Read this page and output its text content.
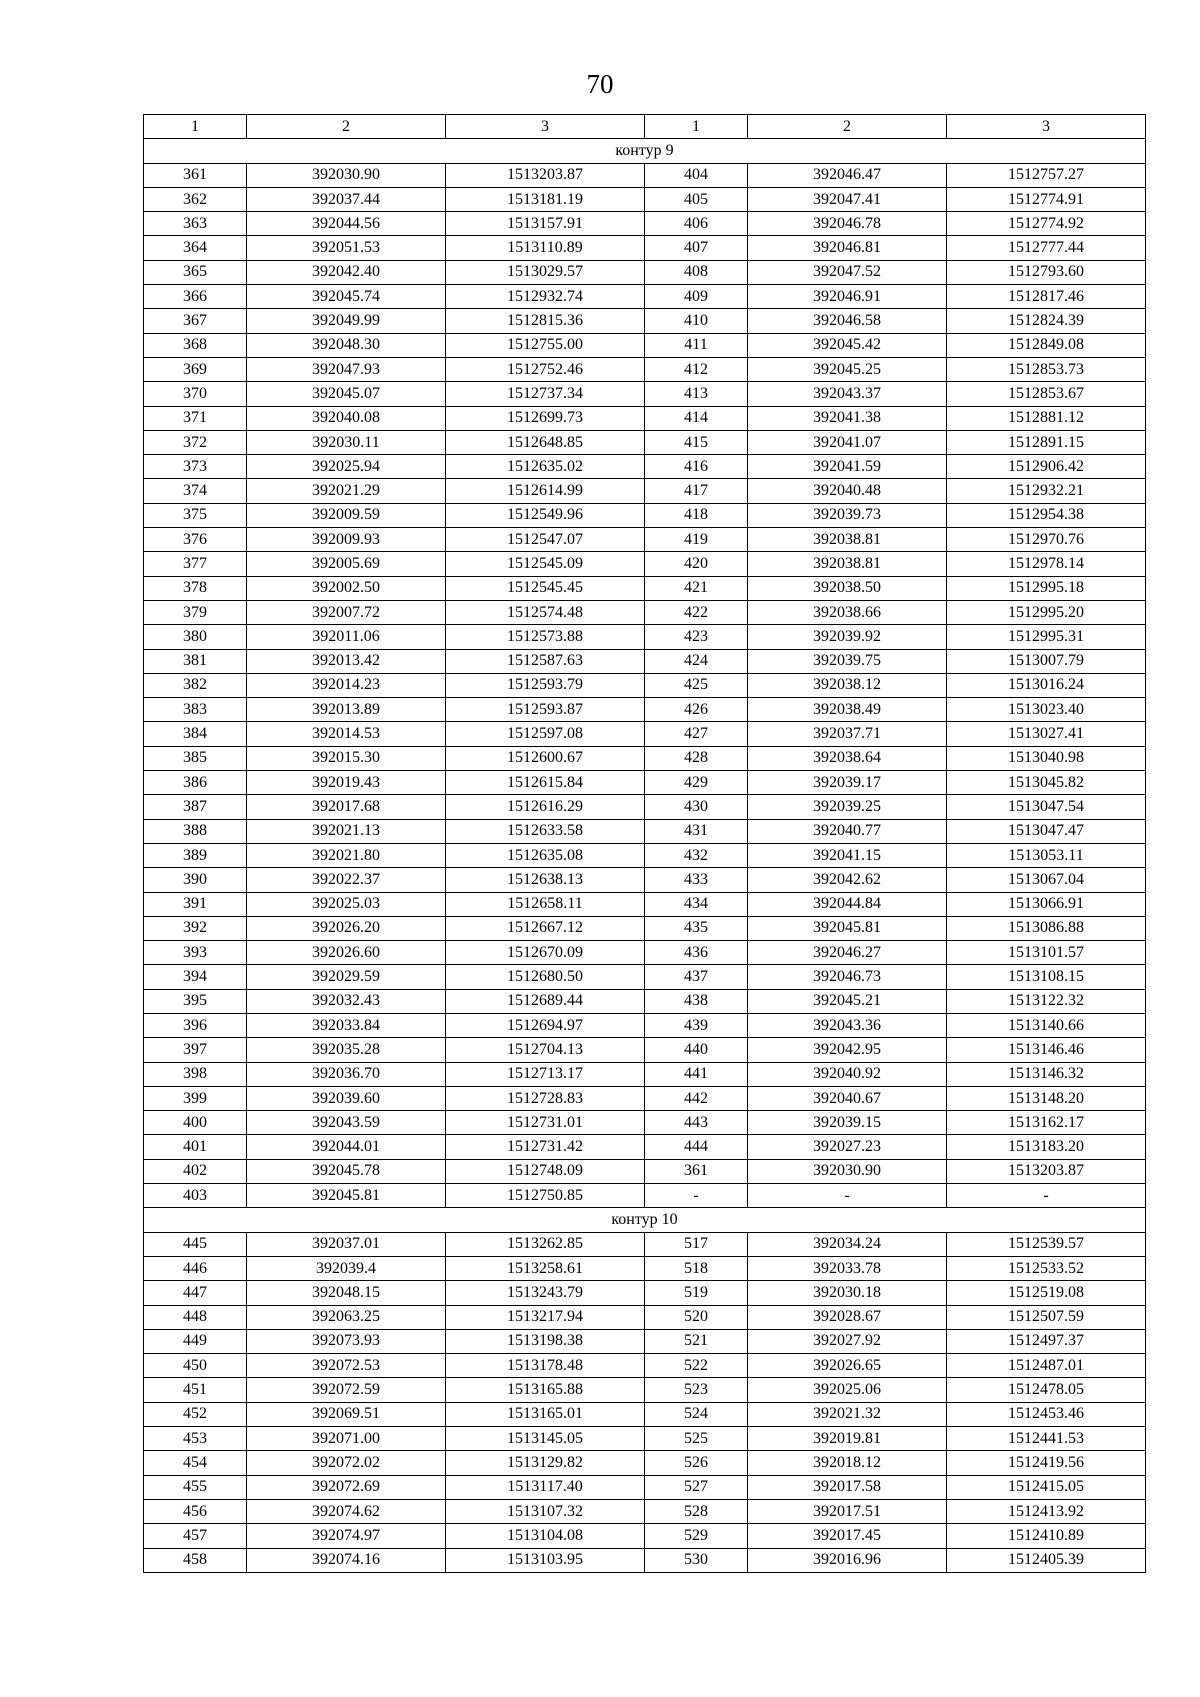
70
1	2	3	1	2	3
контур 9					
361	392030.90	1513203.87	404	392046.47	1512757.27
362	392037.44	1513181.19	405	392047.41	1512774.91
363	392044.56	1513157.91	406	392046.78	1512774.92
364	392051.53	1513110.89	407	392046.81	1512777.44
365	392042.40	1513029.57	408	392047.52	1512793.60
366	392045.74	1512932.74	409	392046.91	1512817.46
367	392049.99	1512815.36	410	392046.58	1512824.39
368	392048.30	1512755.00	411	392045.42	1512849.08
369	392047.93	1512752.46	412	392045.25	1512853.73
370	392045.07	1512737.34	413	392043.37	1512853.67
371	392040.08	1512699.73	414	392041.38	1512881.12
372	392030.11	1512648.85	415	392041.07	1512891.15
373	392025.94	1512635.02	416	392041.59	1512906.42
374	392021.29	1512614.99	417	392040.48	1512932.21
375	392009.59	1512549.96	418	392039.73	1512954.38
376	392009.93	1512547.07	419	392038.81	1512970.76
377	392005.69	1512545.09	420	392038.81	1512978.14
378	392002.50	1512545.45	421	392038.50	1512995.18
379	392007.72	1512574.48	422	392038.66	1512995.20
380	392011.06	1512573.88	423	392039.92	1512995.31
381	392013.42	1512587.63	424	392039.75	1513007.79
382	392014.23	1512593.79	425	392038.12	1513016.24
383	392013.89	1512593.87	426	392038.49	1513023.40
384	392014.53	1512597.08	427	392037.71	1513027.41
385	392015.30	1512600.67	428	392038.64	1513040.98
386	392019.43	1512615.84	429	392039.17	1513045.82
387	392017.68	1512616.29	430	392039.25	1513047.54
388	392021.13	1512633.58	431	392040.77	1513047.47
389	392021.80	1512635.08	432	392041.15	1513053.11
390	392022.37	1512638.13	433	392042.62	1513067.04
391	392025.03	1512658.11	434	392044.84	1513066.91
392	392026.20	1512667.12	435	392045.81	1513086.88
393	392026.60	1512670.09	436	392046.27	1513101.57
394	392029.59	1512680.50	437	392046.73	1513108.15
395	392032.43	1512689.44	438	392045.21	1513122.32
396	392033.84	1512694.97	439	392043.36	1513140.66
397	392035.28	1512704.13	440	392042.95	1513146.46
398	392036.70	1512713.17	441	392040.92	1513146.32
399	392039.60	1512728.83	442	392040.67	1513148.20
400	392043.59	1512731.01	443	392039.15	1513162.17
401	392044.01	1512731.42	444	392027.23	1513183.20
402	392045.78	1512748.09	361	392030.90	1513203.87
403	392045.81	1512750.85	-	-	-
контур 10					
445	392037.01	1513262.85	517	392034.24	1512539.57
446	392039.4	1513258.61	518	392033.78	1512533.52
447	392048.15	1513243.79	519	392030.18	1512519.08
448	392063.25	1513217.94	520	392028.67	1512507.59
449	392073.93	1513198.38	521	392027.92	1512497.37
450	392072.53	1513178.48	522	392026.65	1512487.01
451	392072.59	1513165.88	523	392025.06	1512478.05
452	392069.51	1513165.01	524	392021.32	1512453.46
453	392071.00	1513145.05	525	392019.81	1512441.53
454	392072.02	1513129.82	526	392018.12	1512419.56
455	392072.69	1513117.40	527	392017.58	1512415.05
456	392074.62	1513107.32	528	392017.51	1512413.92
457	392074.97	1513104.08	529	392017.45	1512410.89
458	392074.16	1513103.95	530	392016.96	1512405.39
